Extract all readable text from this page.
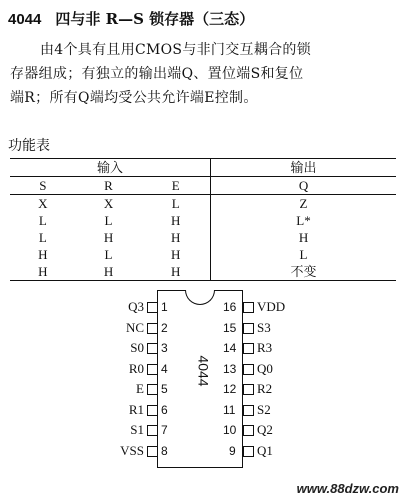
4044 四与非 R—S 锁存器（三态）
由4个具有且用CMOS与非门交互耦合的锁
存器组成；有独立的输出端Q、置位端S和复位
端R；所有Q端均受公共允许端E控制。
功能表
输入			输出
S	R	E	Q
X	X	L	Z
L	L	H	L*
L	H	H	H
H	L	H	L
H	H	H	不变
4044
Q3 1
NC 2
S0 3
R0 4
E 5
R1 6
S1 7
VSS 8
VDD
16
S3
15
R3
14
Q0
13
R2
12
S2
11
Q2
10
Q1
9
www.88dzw.com
